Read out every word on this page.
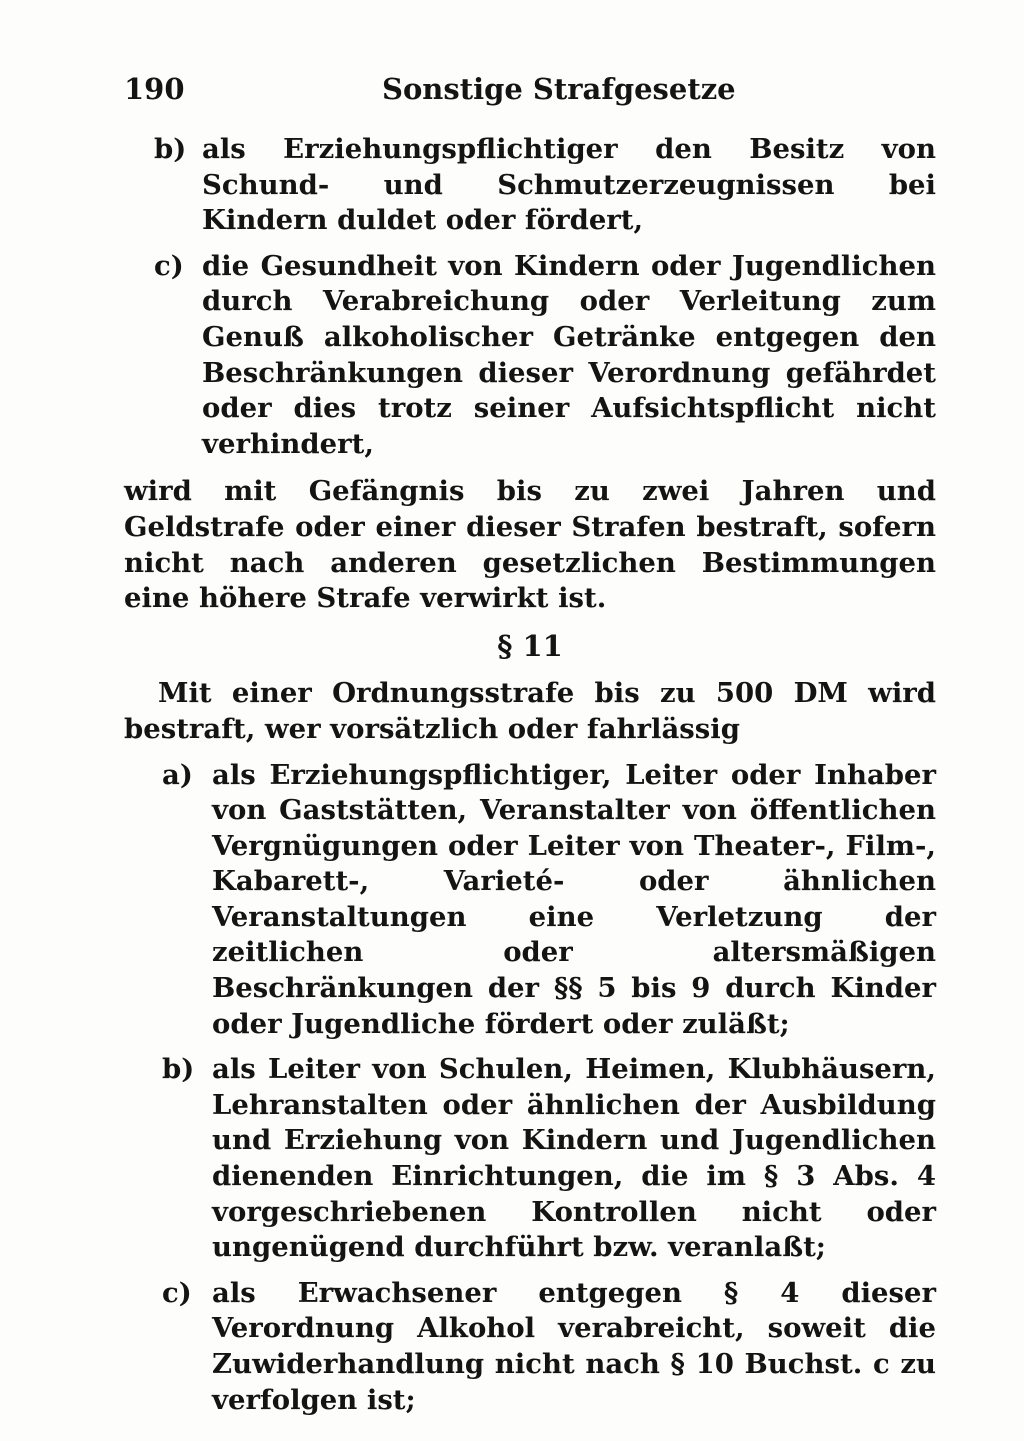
190	Sonstige Strafgesetze
b) als Erziehungspflichtiger den Besitz von Schund- und Schmutzerzeugnissen bei Kindern duldet oder fördert,
c) die Gesundheit von Kindern oder Jugendlichen durch Verabreichung oder Verleitung zum Genuß alkoholischer Getränke entgegen den Beschränkungen dieser Verordnung gefährdet oder dies trotz seiner Aufsichtspflicht nicht verhindert,
wird mit Gefängnis bis zu zwei Jahren und Geldstrafe oder einer dieser Strafen bestraft, sofern nicht nach anderen gesetzlichen Bestimmungen eine höhere Strafe verwirkt ist.
§ 11
Mit einer Ordnungsstrafe bis zu 500 DM wird bestraft, wer vorsätzlich oder fahrlässig
a) als Erziehungspflichtiger, Leiter oder Inhaber von Gaststätten, Veranstalter von öffentlichen Vergnügungen oder Leiter von Theater-, Film-, Kabarett-, Varieté- oder ähnlichen Veranstaltungen eine Verletzung der zeitlichen oder altersmäßigen Beschränkungen der §§ 5 bis 9 durch Kinder oder Jugendliche fördert oder zuläßt;
b) als Leiter von Schulen, Heimen, Klubhäusern, Lehranstalten oder ähnlichen der Ausbildung und Erziehung von Kindern und Jugendlichen dienenden Einrichtungen, die im § 3 Abs. 4 vorgeschriebenen Kontrollen nicht oder ungenügend durchführt bzw. veranlaßt;
c) als Erwachsener entgegen § 4 dieser Verordnung Alkohol verabreicht, soweit die Zuwiderhandlung nicht nach § 10 Buchst. c zu verfolgen ist;
